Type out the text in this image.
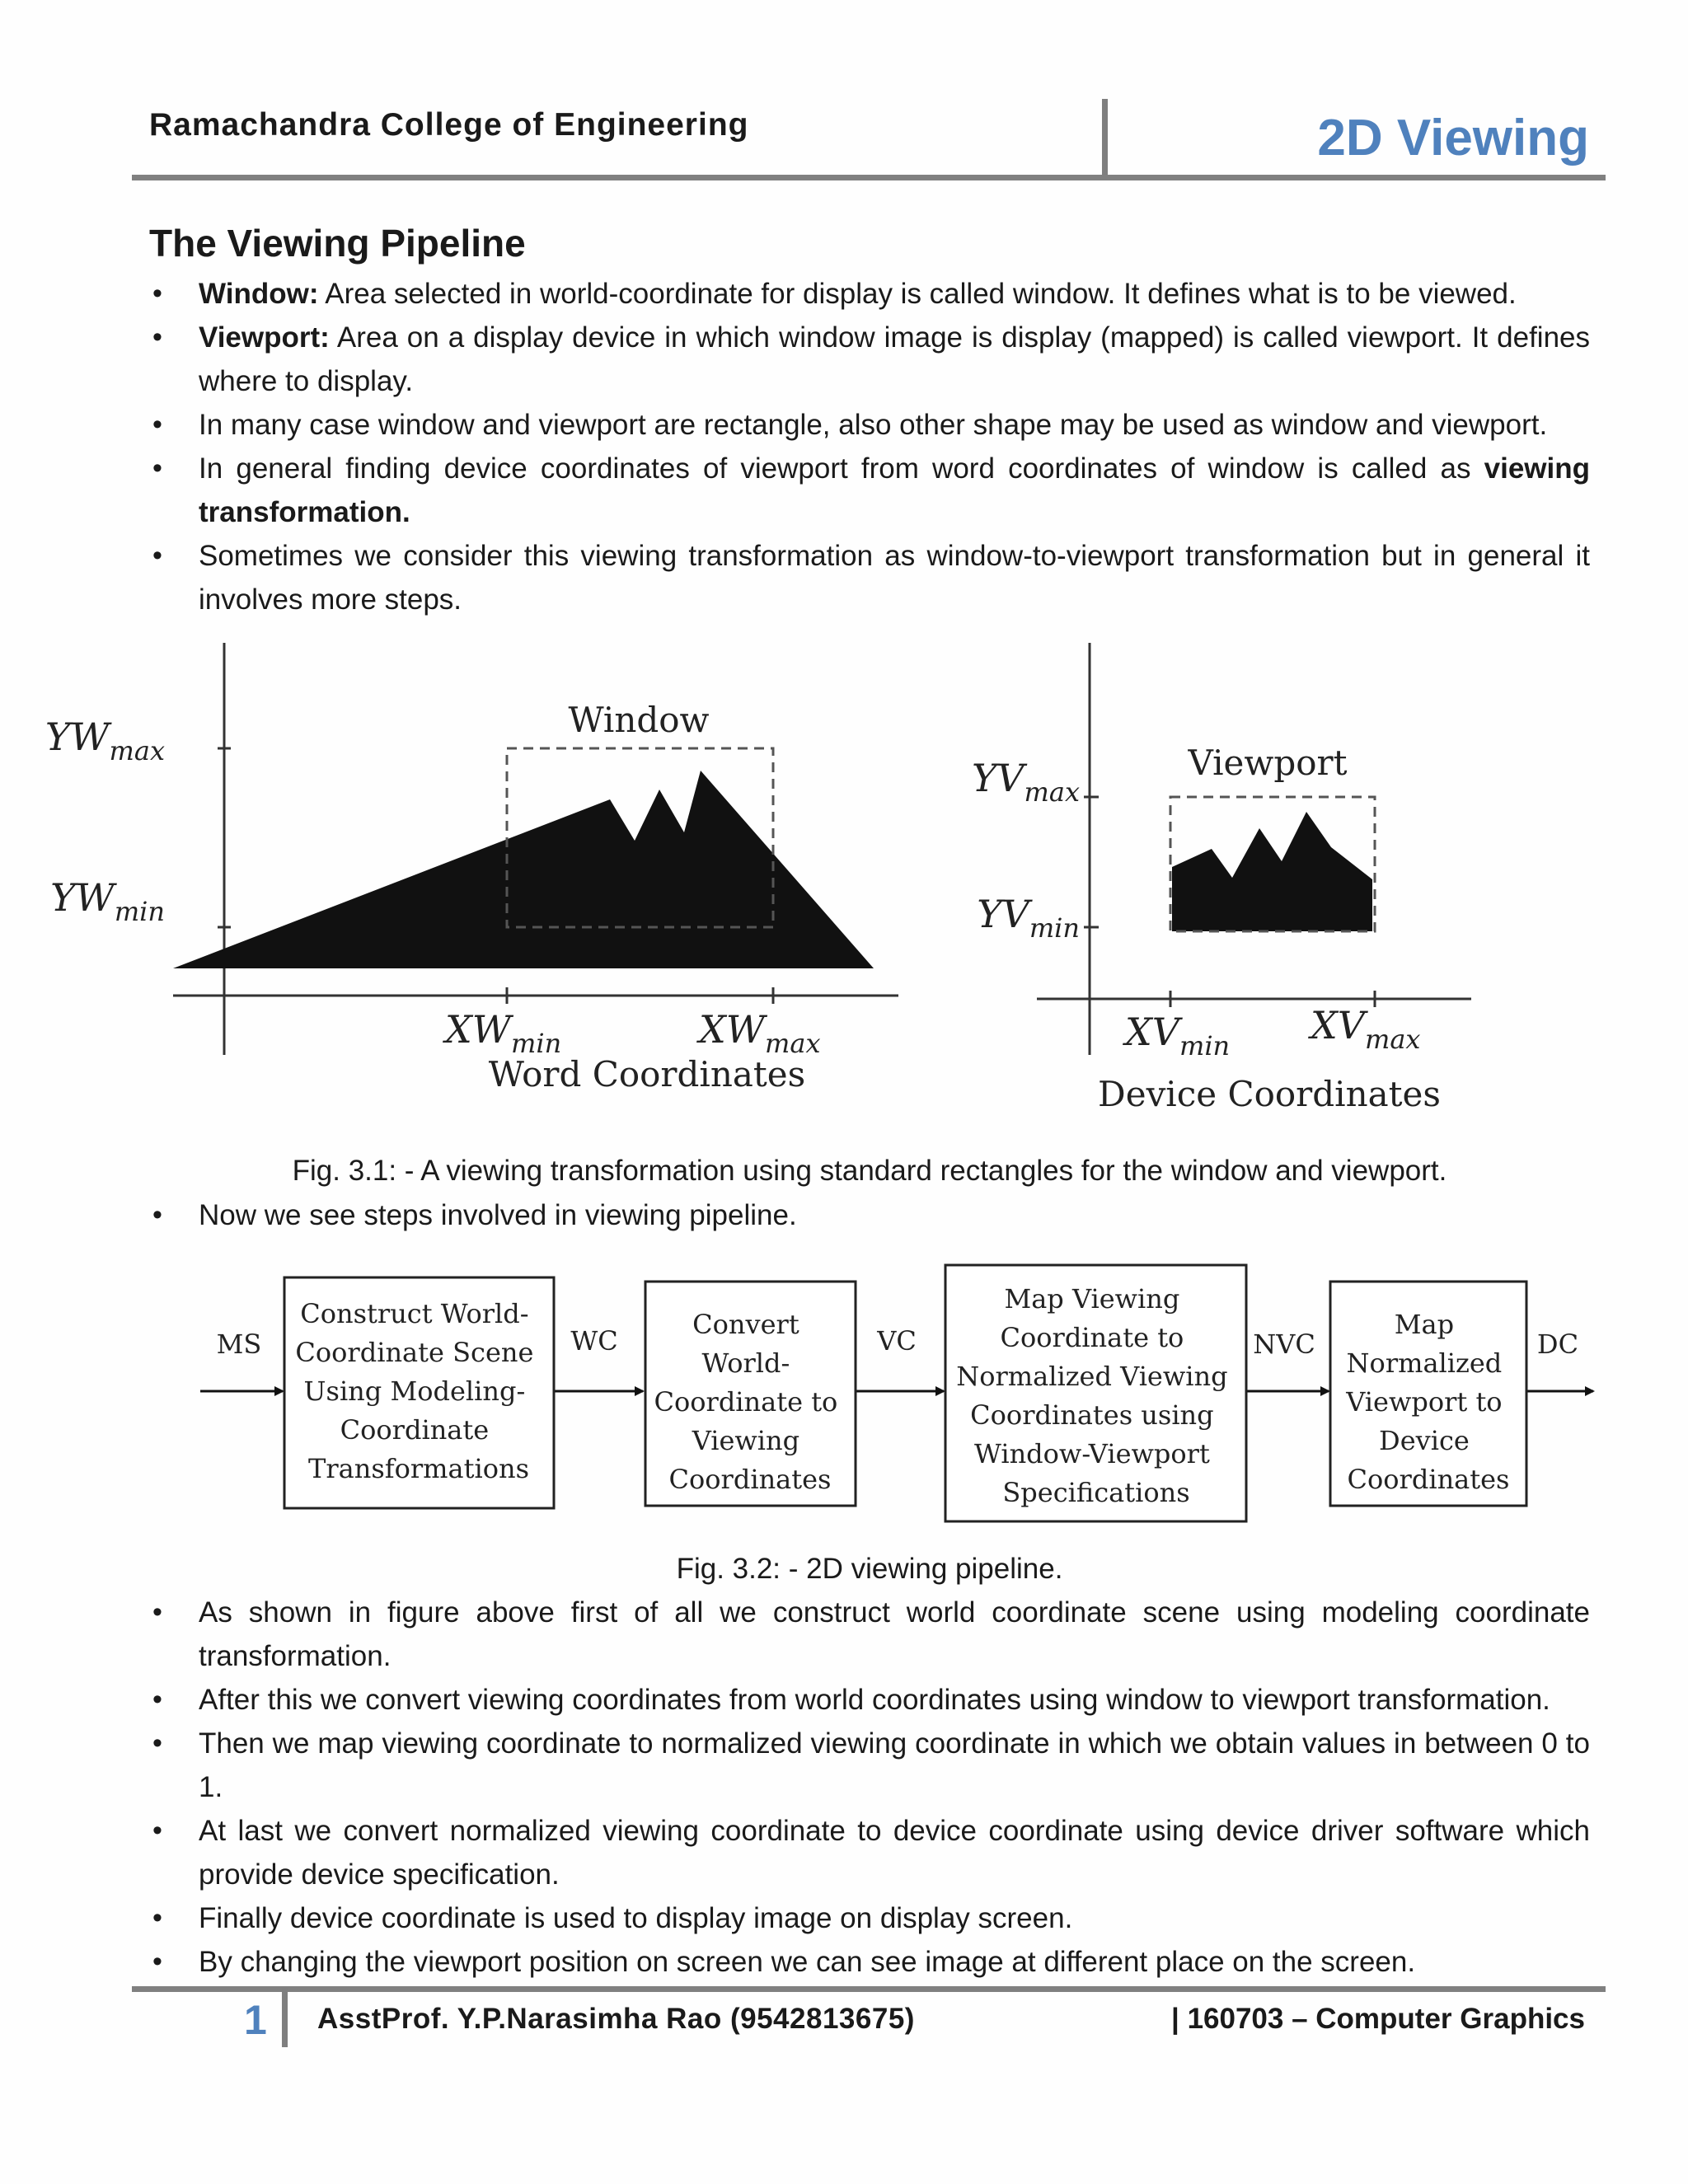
Ramachandra College of Engineering	2D Viewing
The Viewing Pipeline
• Window: Area selected in world-coordinate for display is called window. It defines what is to be viewed.
• Viewport: Area on a display device in which window image is display (mapped) is called viewport. It defines where to display.
• In many case window and viewport are rectangle, also other shape may be used as window and viewport.
• In general finding device coordinates of viewport from word coordinates of window is called as viewing transformation.
• Sometimes we consider this viewing transformation as window-to-viewport transformation but in general it involves more steps.
Window
$YW_{max}$
$YW_{min}$
$XW_{min}$	$XW_{max}$
Word Coordinates
Viewport
$YV_{max}$
$YV_{min}$
$XV_{min}$ $XV_{max}$
Device Coordinates
Fig. 3.1: - A viewing transformation using standard rectangles for the window and viewport.
• Now we see steps involved in viewing pipeline.
MS	WC	VC	NVC	DC
Construct World- Coordinate Scene Using Modeling- Coordinate Transformations
Convert World- Coordinate to Viewing Coordinates
Map Viewing Coordinate to Normalized Viewing Coordinates using Window-Viewport Specifications
Map Normalized Viewport to Device Coordinates
Fig. 3.2: - 2D viewing pipeline.
• As shown in figure above first of all we construct world coordinate scene using modeling coordinate transformation.
• After this we convert viewing coordinates from world coordinates using window to viewport transformation.
• Then we map viewing coordinate to normalized viewing coordinate in which we obtain values in between 0 to 1.
• At last we convert normalized viewing coordinate to device coordinate using device driver software which provide device specification.
• Finally device coordinate is used to display image on display screen.
• By changing the viewport position on screen we can see image at different place on the screen.
1 AsstProf. Y.P.Narasimha Rao (9542813675)	| 160703 – Computer Graphics
